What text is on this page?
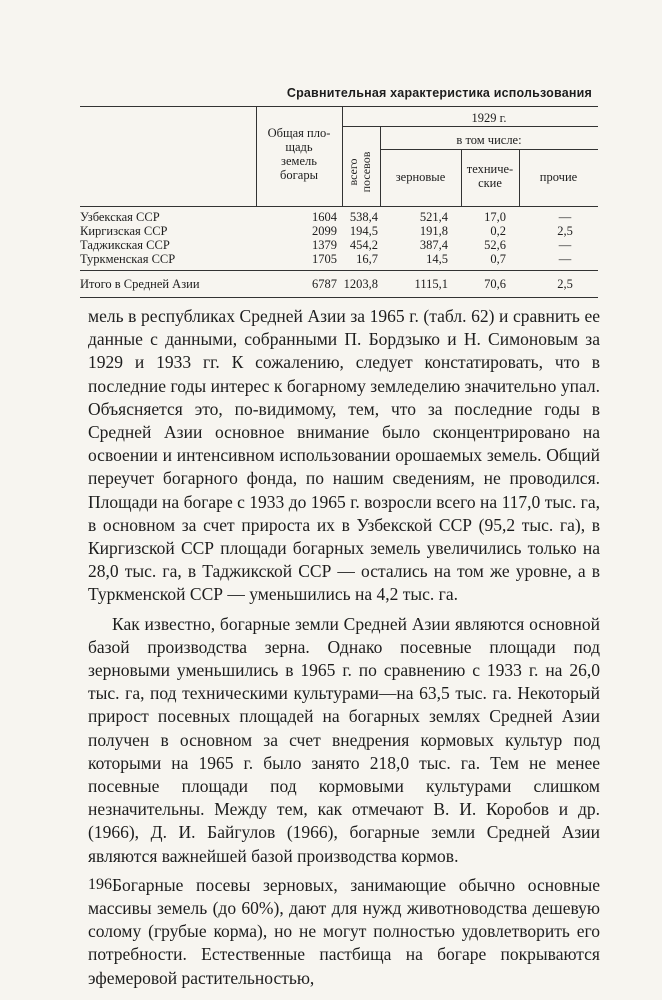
Сравнительная характеристика использования
Общая пло-
щадь
земель
богары
1929 г.
в том числе:
всего посевов	зерновые
техниче-
ские	прочие
Узбекская ССР	1604 538,4	521,4	17,0	—
Киргизская ССР	2099 194,5	191,8	0,2	2,5
Таджикская ССР	1379 454,2	387,4	52,6	—
Туркменская ССР	1705 16,7	14,5	0,7	—
Итого в Средней Азии	6787 1203,8	1115,1	70,6	2,5

мель в республиках Средней Азии за 1965 г. (табл. 62) и сравнить ее данные с данными, собранными П. Бордзыко и Н. Симоновым за 1929 и 1933 гг. К сожалению, следует констатировать, что в последние годы интерес к богарному земледелию значительно упал. Объясняется это, по-видимому, тем, что за последние годы в Средней Азии основное внимание было сконцентрировано на освоении и интенсивном использовании орошаемых земель. Общий переучет богарного фонда, по нашим сведениям, не проводился. Площади на богаре с 1933 до 1965 г. возросли всего на 117,0 тыс. га, в основном за счет прироста их в Узбекской ССР (95,2 тыс. га), в Киргизской ССР площади богарных земель увеличились только на 28,0 тыс. га, в Таджикской ССР — остались на том же уровне, а в Туркменской ССР — уменьшились на 4,2 тыс. га.

Как известно, богарные земли Средней Азии являются основной базой производства зерна. Однако посевные площади под зерновыми уменьшились в 1965 г. по сравнению с 1933 г. на 26,0 тыс. га, под техническими культурами—на 63,5 тыс. га. Некоторый прирост посевных площадей на богарных землях Средней Азии получен в основном за счет внедрения кормовых культур под которыми на 1965 г. было занято 218,0 тыс. га. Тем не менее посевные площади под кормовыми культурами слишком незначительны. Между тем, как отмечают В. И. Коробов и др. (1966), Д. И. Байгулов (1966), богарные земли Средней Азии являются важнейшей базой производства кормов.

Богарные посевы зерновых, занимающие обычно основные массивы земель (до 60%), дают для нужд животноводства дешевую солому (грубые корма), но не могут полностью удовлетворить его потребности. Естественные пастбища на богаре покрываются эфемеровой растительностью,

196
